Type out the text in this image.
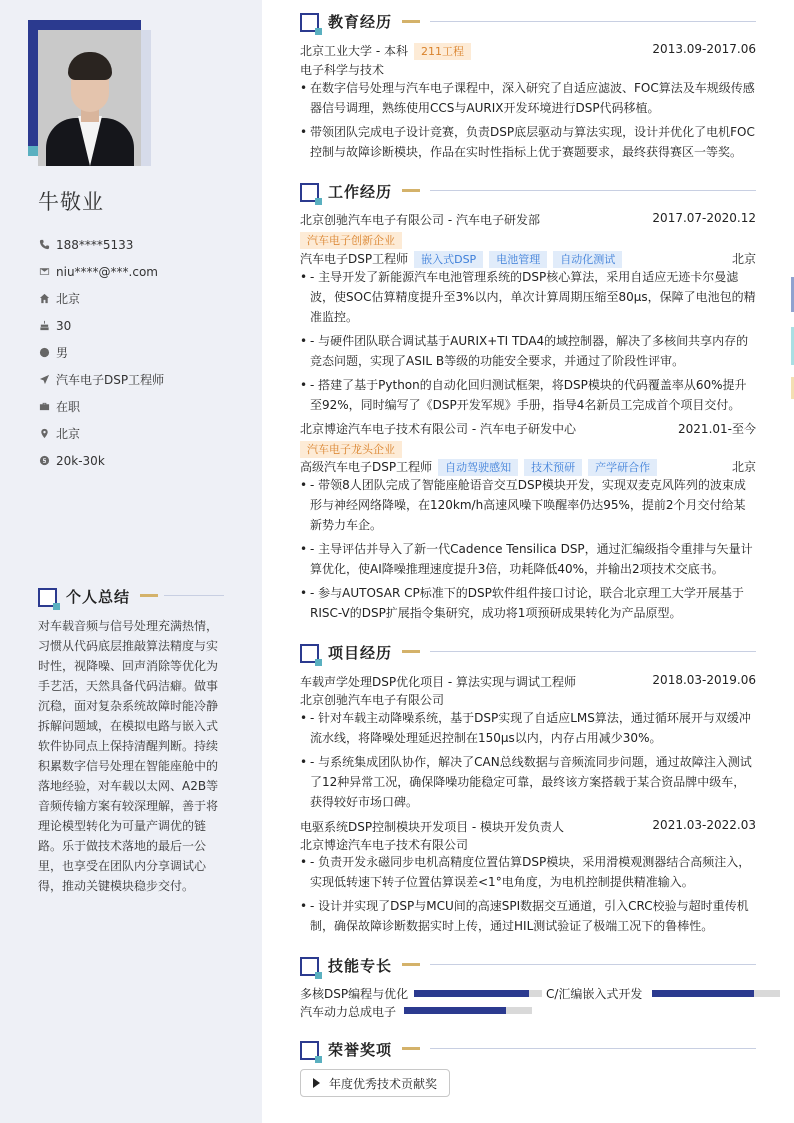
牛敬业
188****5133
niu****@***.com
北京
30
男
汽车电子DSP工程师
在职
北京
20k-30k
个人总结
对车载音频与信号处理充满热情，习惯从代码底层推敲算法精度与实时性，视降噪、回声消除等优化为手艺活，天然具备代码洁癖。做事沉稳，面对复杂系统故障时能冷静拆解问题域，在模拟电路与嵌入式软件协同点上保持清醒判断。持续积累数字信号处理在智能座舱中的落地经验，对车载以太网、A2B等音频传输方案有较深理解，善于将理论模型转化为可量产调优的链路。乐于做技术落地的最后一公里，也享受在团队内分享调试心得，推动关键模块稳步交付。
教育经历
北京工业大学 - 本科 211工程	2013.09-2017.06
电子科学与技术
• 在数字信号处理与汽车电子课程中，深入研究了自适应滤波、FOC算法及车规级传感器信号调理，熟练使用CCS与AURIX开发环境进行DSP代码移植。
• 带领团队完成电子设计竞赛，负责DSP底层驱动与算法实现，设计并优化了电机FOC控制与故障诊断模块，作品在实时性指标上优于赛题要求，最终获得赛区一等奖。
工作经历
北京创驰汽车电子有限公司 - 汽车电子研发部	2017.07-2020.12
汽车电子创新企业
汽车电子DSP工程师 嵌入式DSP 电池管理 自动化测试	北京
• - 主导开发了新能源汽车电池管理系统的DSP核心算法，采用自适应无迹卡尔曼滤波，使SOC估算精度提升至3%以内，单次计算周期压缩至80μs，保障了电池包的精准监控。
• - 与硬件团队联合调试基于AURIX+TI TDA4的域控制器，解决了多核间共享内存的竞态问题，实现了ASIL B等级的功能安全要求，并通过了阶段性评审。
• - 搭建了基于Python的自动化回归测试框架，将DSP模块的代码覆盖率从60%提升至92%，同时编写了《DSP开发军规》手册，指导4名新员工完成首个项目交付。
北京博途汽车电子技术有限公司 - 汽车电子研发中心	2021.01-至今
汽车电子龙头企业
高级汽车电子DSP工程师 自动驾驶感知 技术预研 产学研合作	北京
• - 带领8人团队完成了智能座舱语音交互DSP模块开发，实现双麦克风阵列的波束成形与神经网络降噪，在120km/h高速风噪下唤醒率仍达95%，提前2个月交付给某新势力车企。
• - 主导评估并导入了新一代Cadence Tensilica DSP，通过汇编级指令重排与矢量计算优化，使AI降噪推理速度提升3倍，功耗降低40%，并输出2项技术交底书。
• - 参与AUTOSAR CP标准下的DSP软件组件接口讨论，联合北京理工大学开展基于RISC-V的DSP扩展指令集研究，成功将1项预研成果转化为产品原型。
项目经历
车载声学处理DSP优化项目 - 算法实现与调试工程师	2018.03-2019.06
北京创驰汽车电子有限公司
• - 针对车载主动降噪系统，基于DSP实现了自适应LMS算法，通过循环展开与双缓冲流水线，将降噪处理延迟控制在150μs以内，内存占用减少30%。
• - 与系统集成团队协作，解决了CAN总线数据与音频流同步问题，通过故障注入测试了12种异常工况，确保降噪功能稳定可靠，最终该方案搭载于某合资品牌中级车，获得较好市场口碑。
电驱系统DSP控制模块开发项目 - 模块开发负责人	2021.03-2022.03
北京博途汽车电子技术有限公司
• - 负责开发永磁同步电机高精度位置估算DSP模块，采用滑模观测器结合高频注入，实现低转速下转子位置估算误差<1°电角度，为电机控制提供精准输入。
• - 设计并实现了DSP与MCU间的高速SPI数据交互通道，引入CRC校验与超时重传机制，确保故障诊断数据实时上传，通过HIL测试验证了极端工况下的鲁棒性。
技能专长
多核DSP编程与优化	C/汇编嵌入式开发
汽车动力总成电子
荣誉奖项
年度优秀技术贡献奖
